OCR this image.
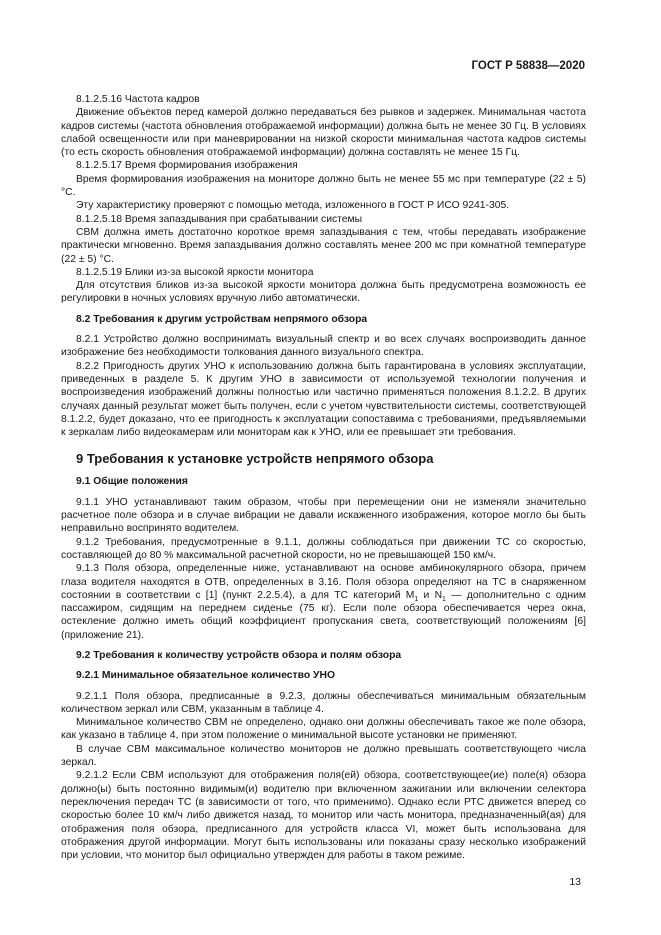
ГОСТ Р 58838—2020

8.1.2.5.16 Частота кадров

Движение объектов перед камерой должно передаваться без рывков и задержек. Минимальная частота кадров системы (частота обновления отображаемой информации) должна быть не менее 30 Гц. В условиях слабой освещенности или при маневрировании на низкой скорости минимальная частота кадров системы (то есть скорость обновления отображаемой информации) должна составлять не менее 15 Гц.

8.1.2.5.17 Время формирования изображения

Время формирования изображения на мониторе должно быть не менее 55 мс при температуре (22 ± 5) °С.

Эту характеристику проверяют с помощью метода, изложенного в ГОСТ Р ИСО 9241-305.

8.1.2.5.18 Время запаздывания при срабатывании системы

СВМ должна иметь достаточно короткое время запаздывания с тем, чтобы передавать изображение практически мгновенно. Время запаздывания должно составлять менее 200 мс при комнатной температуре (22 ± 5) °С.

8.1.2.5.19 Блики из-за высокой яркости монитора

Для отсутствия бликов из-за высокой яркости монитора должна быть предусмотрена возможность ее регулировки в ночных условиях вручную либо автоматически.

8.2 Требования к другим устройствам непрямого обзора

8.2.1 Устройство должно воспринимать визуальный спектр и во всех случаях воспроизводить данное изображение без необходимости толкования данного визуального спектра.

8.2.2 Пригодность других УНО к использованию должна быть гарантирована в условиях эксплуатации, приведенных в разделе 5. К другим УНО в зависимости от используемой технологии получения и воспроизведения изображений должны полностью или частично применяться положения 8.1.2.2. В других случаях данный результат может быть получен, если с учетом чувствительности системы, соответствующей 8.1.2.2, будет доказано, что ее пригодность к эксплуатации сопоставима с требованиями, предъявляемыми к зеркалам либо видеокамерам или мониторам как к УНО, или ее превышает эти требования.

9 Требования к установке устройств непрямого обзора

9.1 Общие положения

9.1.1 УНО устанавливают таким образом, чтобы при перемещении они не изменяли значительно расчетное поле обзора и в случае вибрации не давали искаженного изображения, которое могло бы быть неправильно воспринято водителем.

9.1.2 Требования, предусмотренные в 9.1.1, должны соблюдаться при движении ТС со скоростью, составляющей до 80 % максимальной расчетной скорости, но не превышающей 150 км/ч.

9.1.3 Поля обзора, определенные ниже, устанавливают на основе амбинокулярного обзора, причем глаза водителя находятся в ОТВ, определенных в 3.16. Поля обзора определяют на ТС в снаряженном состоянии в соответствии с [1] (пункт 2.2.5.4), а для ТС категорий $М_1$ и $N_1$ — дополнительно с одним пассажиром, сидящим на переднем сиденье (75 кг). Если поле обзора обеспечивается через окна, остекление должно иметь общий коэффициент пропускания света, соответствующий положениям [6] (приложение 21).

9.2 Требования к количеству устройств обзора и полям обзора

9.2.1 Минимальное обязательное количество УНО

9.2.1.1 Поля обзора, предписанные в 9.2.3, должны обеспечиваться минимальным обязательным количеством зеркал или СВМ, указанным в таблице 4.

Минимальное количество СВМ не определено, однако они должны обеспечивать такое же поле обзора, как указано в таблице 4, при этом положение о минимальной высоте установки не применяют.

В случае СВМ максимальное количество мониторов не должно превышать соответствующего числа зеркал.

9.2.1.2 Если СВМ используют для отображения поля(ей) обзора, соответствующее(ие) поле(я) обзора должно(ы) быть постоянно видимым(и) водителю при включенном зажигании или включении селектора переключения передач ТС (в зависимости от того, что применимо). Однако если РТС движется вперед со скоростью более 10 км/ч либо движется назад, то монитор или часть монитора, предназначенный(ая) для отображения поля обзора, предписанного для устройств класса VI, может быть использована для отображения другой информации. Могут быть использованы или показаны сразу несколько изображений при условии, что монитор был официально утвержден для работы в таком режиме.

13
